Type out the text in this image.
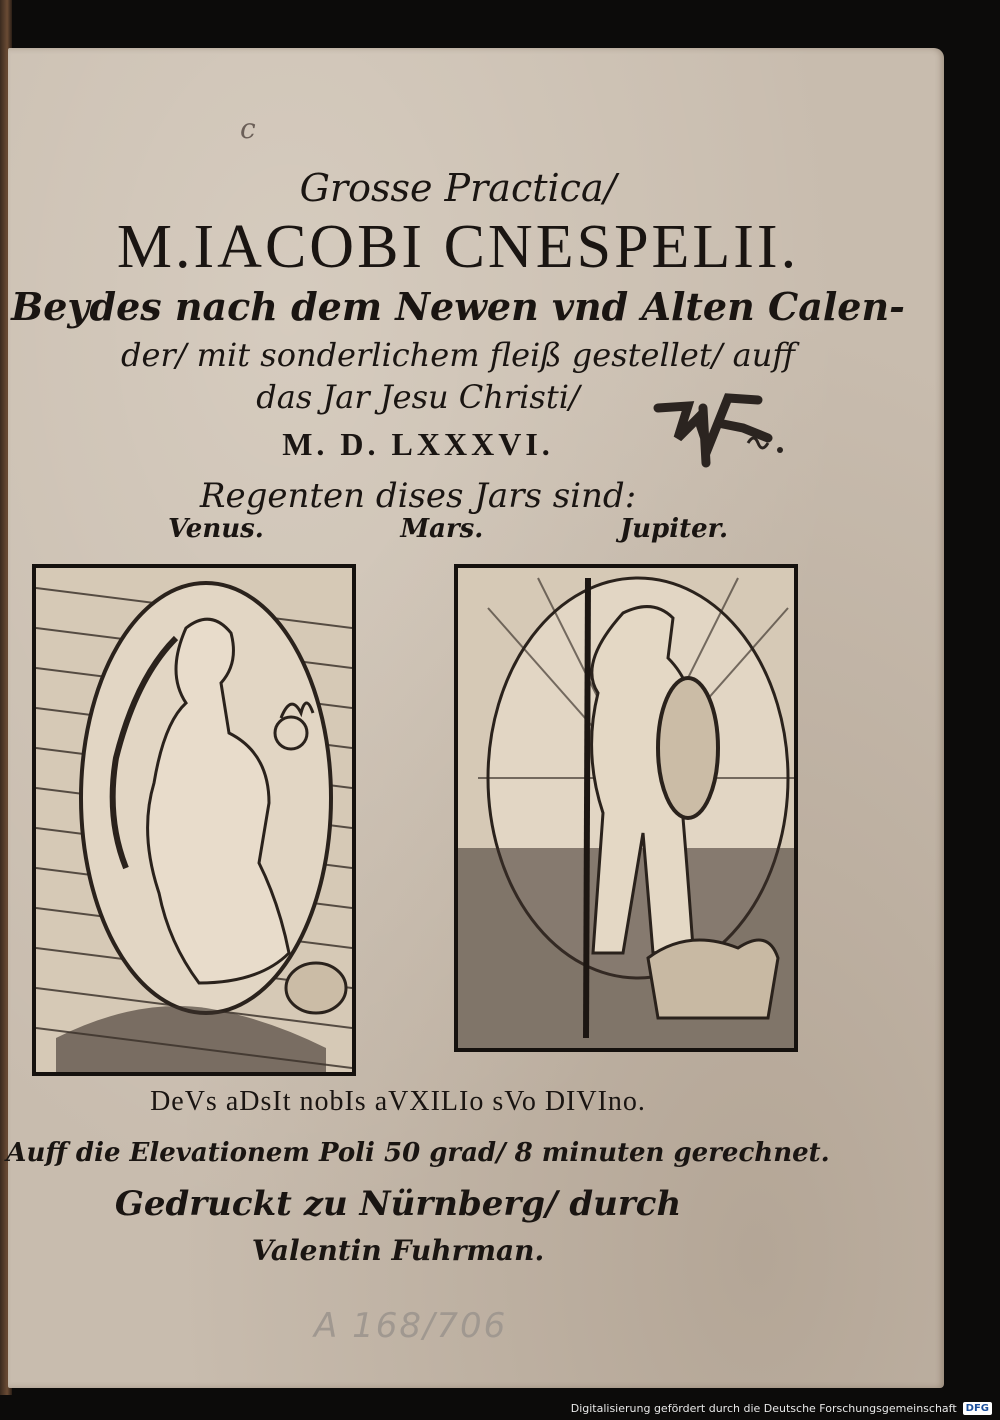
c
Grosse Practica/
M.IACOBI CNESPELII.
Beydes nach dem Newen vnd Alten Calen-
der/ mit sonderlichem fleiß gestellet/ auff
das Jar Jesu Christi/
M. D. LXXXVI.
Regenten dises Jars sind:
Venus.	Mars.	Jupiter.
DeVs aDsIt nobIs aVXILIo sVo DIVIno.
Auff die Elevationem Poli 50 grad/ 8 minuten gerechnet.
Gedruckt zu Nürnberg/ durch
Valentin Fuhrman.
A 168/706
Digitalisierung gefördert durch die Deutsche Forschungsgemeinschaft DFG
